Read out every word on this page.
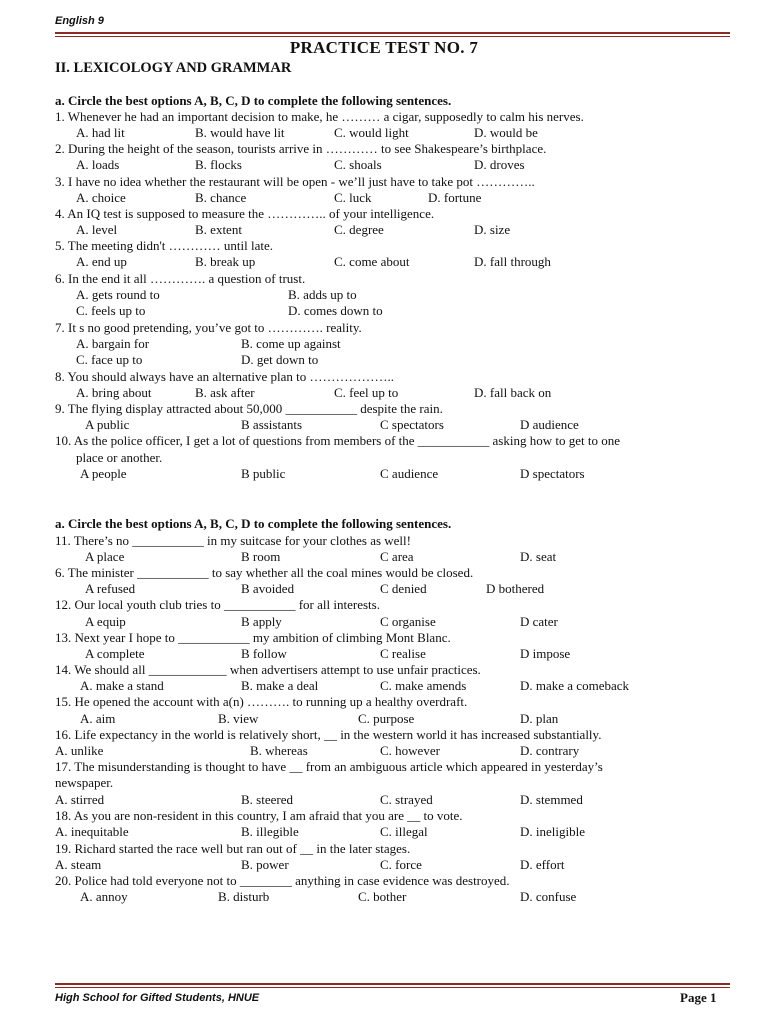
English 9
PRACTICE TEST NO. 7
II. LEXICOLOGY AND GRAMMAR
a. Circle the best options A, B, C, D to complete the following sentences.
1. Whenever he had an important decision to make, he ……… a cigar, supposedly to calm his nerves.
A. had lit	B. would have lit	C. would light	D. would be
2. During the height of the season, tourists arrive in ………… to see Shakespeare’s birthplace.
A. loads	B. flocks	C. shoals	D. droves
3. I have no idea whether the restaurant will be open - we’ll just have to take pot …………..
A. choice	B. chance	C. luck	D. fortune
4. An IQ test is supposed to measure the ………….. of your intelligence.
A. level	B. extent	C. degree	D. size
5. The meeting didn't ………… until late.
A. end up	B. break up	C. come about	D. fall through
6. In the end it all …………. a question of trust.
A. gets round to	B. adds up to
C. feels up to	D. comes down to
7. It s no good pretending, you’ve got to …………. reality.
A. bargain for	B. come up against
C. face up to	D. get down to
8. You should always have an alternative plan to ………………..
A. bring about	B. ask after	C. feel up to	D. fall back on
9. The flying display attracted about 50,000 ___________ despite the rain.
A public	B assistants	C spectators	D audience
10. As the police officer, I get a lot of questions from members of the ___________ asking how to get to one
place or another.
A people	B public	C audience	D spectators
a. Circle the best options A, B, C, D to complete the following sentences.
11. There’s no ___________ in my suitcase for your clothes as well!
A place	B room	C area	D. seat
6. The minister ___________ to say whether all the coal mines would be closed.
A refused	B avoided	C denied	D bothered
12. Our local youth club tries to ___________ for all interests.
A equip	B apply	C organise	D cater
13. Next year I hope to ___________ my ambition of climbing Mont Blanc.
A complete	B follow	C realise	D impose
14. We should all ____________ when advertisers attempt to use unfair practices.
A. make a stand	B. make a deal	C. make amends	D. make a comeback
15. He opened the account with a(n) ………. to running up a healthy overdraft.
A. aim	B. view	C. purpose	D. plan
16. Life expectancy in the world is relatively short, __ in the western world it has increased substantially.
A. unlike	B. whereas	C. however	D. contrary
17. The misunderstanding is thought to have __ from an ambiguous article which appeared in yesterday’s
newspaper.
A. stirred	B. steered	C. strayed	D. stemmed
18. As you are non-resident in this country, I am afraid that you are __ to vote.
A. inequitable	B. illegible	C. illegal	D. ineligible
19. Richard started the race well but ran out of __ in the later stages.
A. steam	B. power	C. force	D. effort
20. Police had told everyone not to ________ anything in case evidence was destroyed.
A. annoy	B. disturb	C. bother	D. confuse
High School for Gifted Students, HNUE	Page 1
